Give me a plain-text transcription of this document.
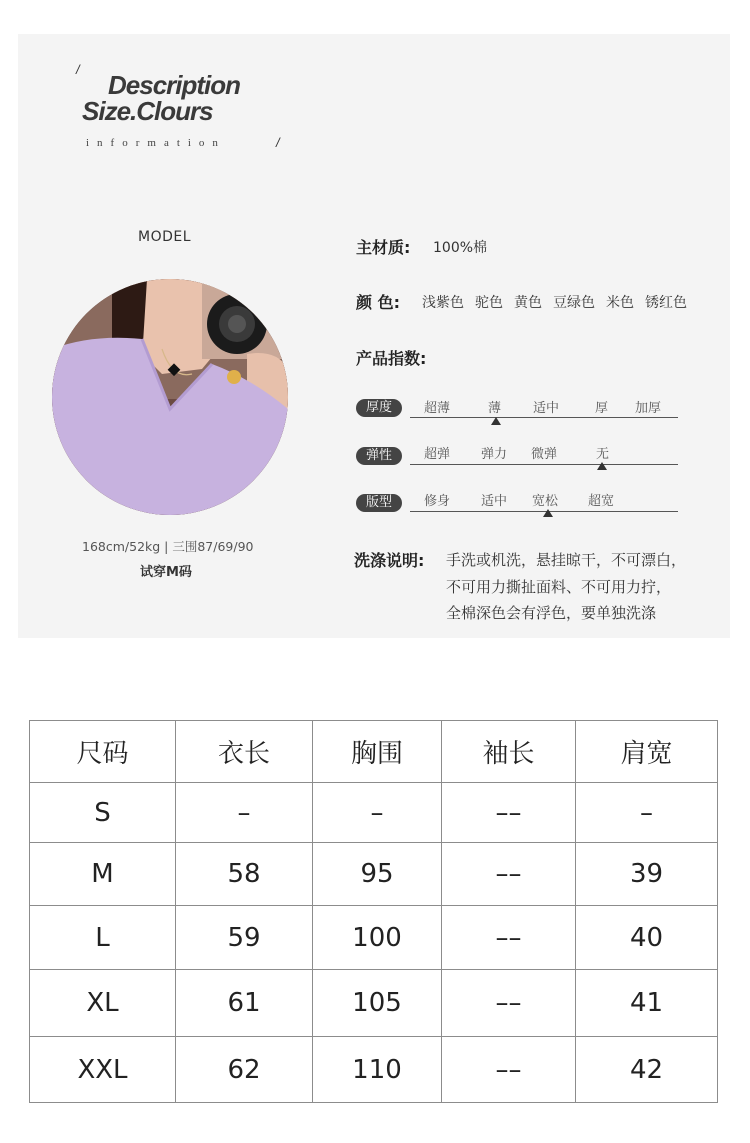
/
Description
Size.Clours
information	/
MODEL
168cm/52kg | 三围87/69/90
试穿M码
主材质: 100%棉
颜 色: 浅紫色 驼色 黄色 豆绿色 米色 锈红色
产品指数:
厚度	超薄	薄 适中	厚 加厚
弹性	超弹 弹力 微弹	无
版型	修身 适中 宽松 超宽
洗涤说明: 手洗或机洗，悬挂晾干，不可漂白，
不可用力撕扯面料、不可用力拧，
全棉深色会有浮色，要单独洗涤
尺码	衣长	胸围	袖长	肩宽
S	–	–	––	–
M	58	95	––	39
L	59	100	––	40
XL	61	105	––	41
XXL	62	110	––	42
